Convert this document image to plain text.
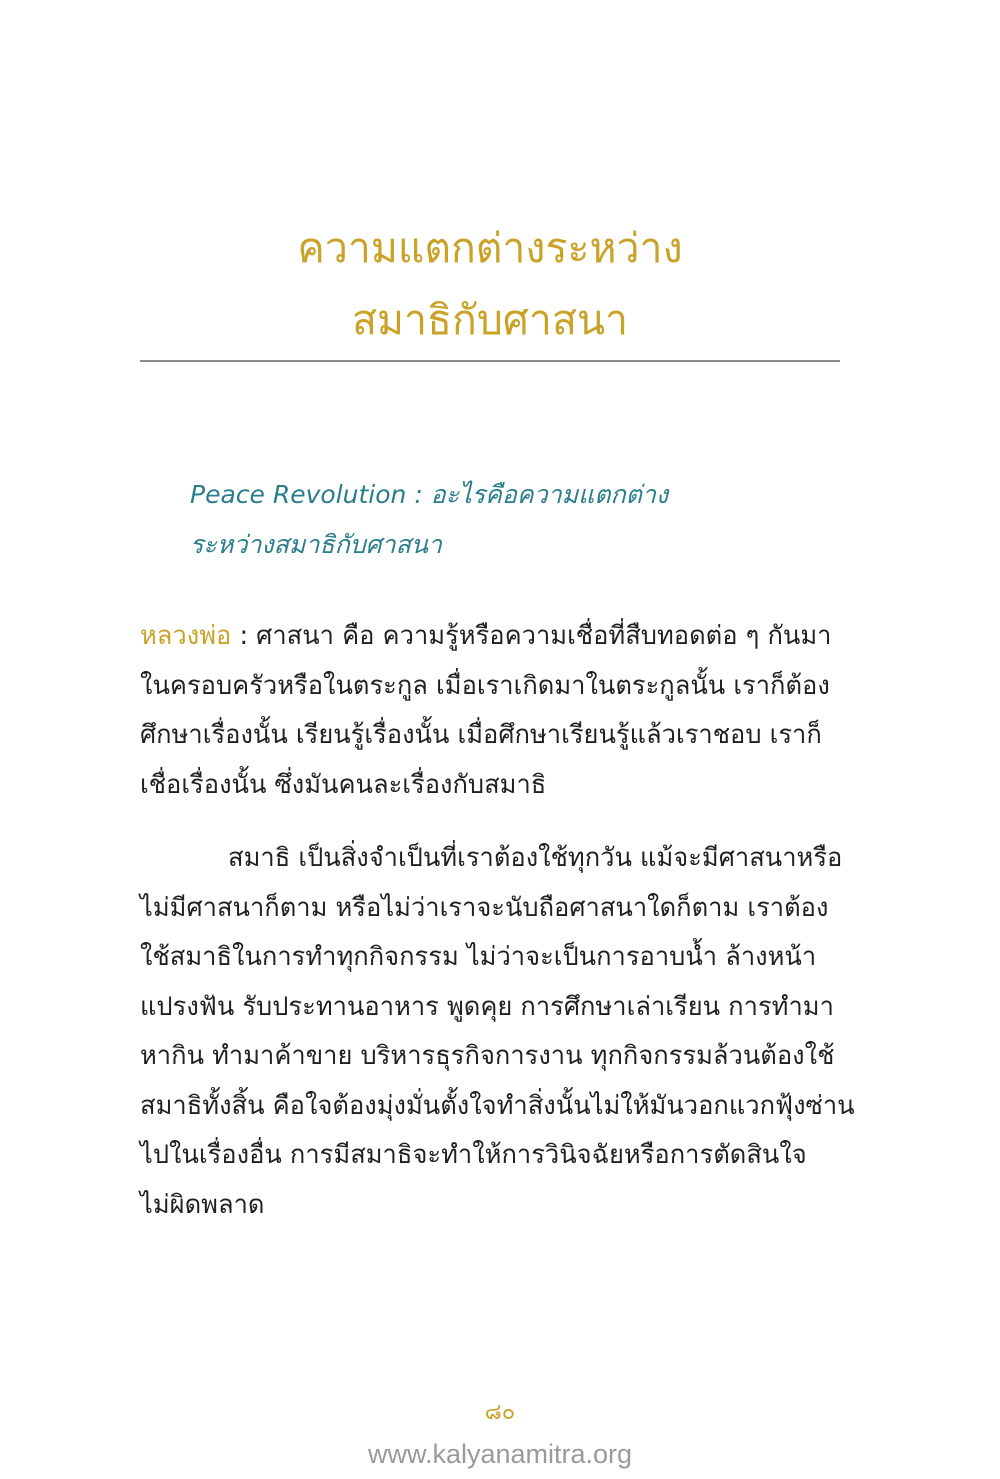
ความแตกต่างระหว่าง
สมาธิกับศาสนา
Peace Revolution : อะไรคือความแตกต่าง
ระหว่างสมาธิกับศาสนา
หลวงพ่อ : ศาสนา คือ ความรู้หรือความเชื่อที่สืบทอดต่อ ๆ กันมา
ในครอบครัวหรือในตระกูล เมื่อเราเกิดมาในตระกูลนั้น เราก็ต้อง
ศึกษาเรื่องนั้น เรียนรู้เรื่องนั้น เมื่อศึกษาเรียนรู้แล้วเราชอบ เราก็
เชื่อเรื่องนั้น ซึ่งมันคนละเรื่องกับสมาธิ
สมาธิ เป็นสิ่งจำเป็นที่เราต้องใช้ทุกวัน แม้จะมีศาสนาหรือ
ไม่มีศาสนาก็ตาม หรือไม่ว่าเราจะนับถือศาสนาใดก็ตาม เราต้อง
ใช้สมาธิในการทำทุกกิจกรรม ไม่ว่าจะเป็นการอาบน้ำ ล้างหน้า
แปรงฟัน รับประทานอาหาร พูดคุย การศึกษาเล่าเรียน การทำมา
หากิน ทำมาค้าขาย บริหารธุรกิจการงาน ทุกกิจกรรมล้วนต้องใช้
สมาธิทั้งสิ้น คือใจต้องมุ่งมั่นตั้งใจทำสิ่งนั้นไม่ให้มันวอกแวกฟุ้งซ่าน
ไปในเรื่องอื่น การมีสมาธิจะทำให้การวินิจฉัยหรือการตัดสินใจ
ไม่ผิดพลาด
๘๐
www.kalyanamitra.org
